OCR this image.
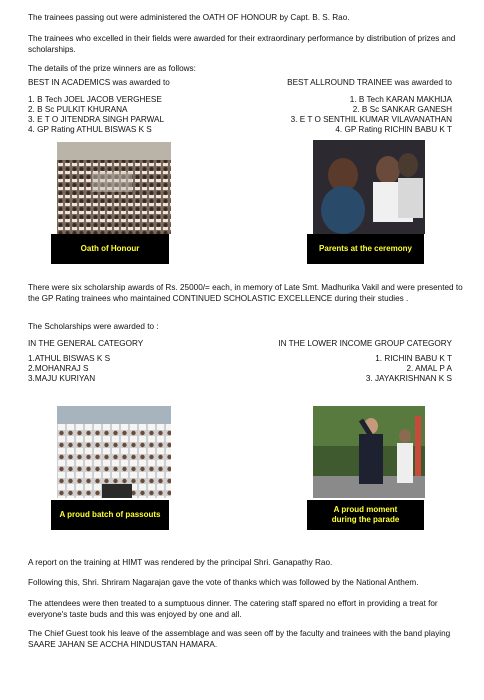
The trainees passing out were administered the OATH OF HONOUR by Capt. B. S. Rao.

The trainees who excelled in their fields were awarded for their extraordinary performance by distribution of prizes and scholarships.

The details of the prize winners are as follows:

BEST IN ACADEMICS was awarded to
1. B Tech JOEL JACOB VERGHESE
2. B Sc PULKIT KHURANA
3. E T O JITENDRA SINGH PARWAL
4. GP Rating ATHUL BISWAS K S
BEST ALLROUND TRAINEE was awarded to
1. B Tech KARAN MAKHIJA
2. B Sc SANKAR GANESH
3. E T O SENTHIL KUMAR VILAVANATHAN
4. GP Rating RICHIN BABU K T
Oath of Honour	Parents at the ceremony

There were six scholarship awards of Rs. 25000/= each, in memory of Late Smt. Madhurika Vakil and were presented to the GP Rating trainees who maintained CONTINUED SCHOLASTIC EXCELLENCE during their studies .

The Scholarships were awarded to :

IN THE GENERAL CATEGORY
1.ATHUL BISWAS K S
2.MOHANRAJ S
3.MAJU KURIYAN
IN THE LOWER INCOME GROUP CATEGORY
1. RICHIN BABU K T
2. AMAL P A
3. JAYAKRISHNAN K S
A proud batch of passouts
A proud moment
during the parade

A report on the training at HIMT was rendered by the principal Shri. Ganapathy Rao.

Following this, Shri. Shriram Nagarajan gave the vote of thanks which was followed by the National Anthem.

The attendees were then treated to a sumptuous dinner. The catering staff spared no effort in providing a treat for everyone's taste buds and this was enjoyed by one and all.

The Chief Guest took his leave of the assemblage and was seen off by the faculty and trainees with the band playing SAARE JAHAN SE ACCHA HINDUSTAN HAMARA.
